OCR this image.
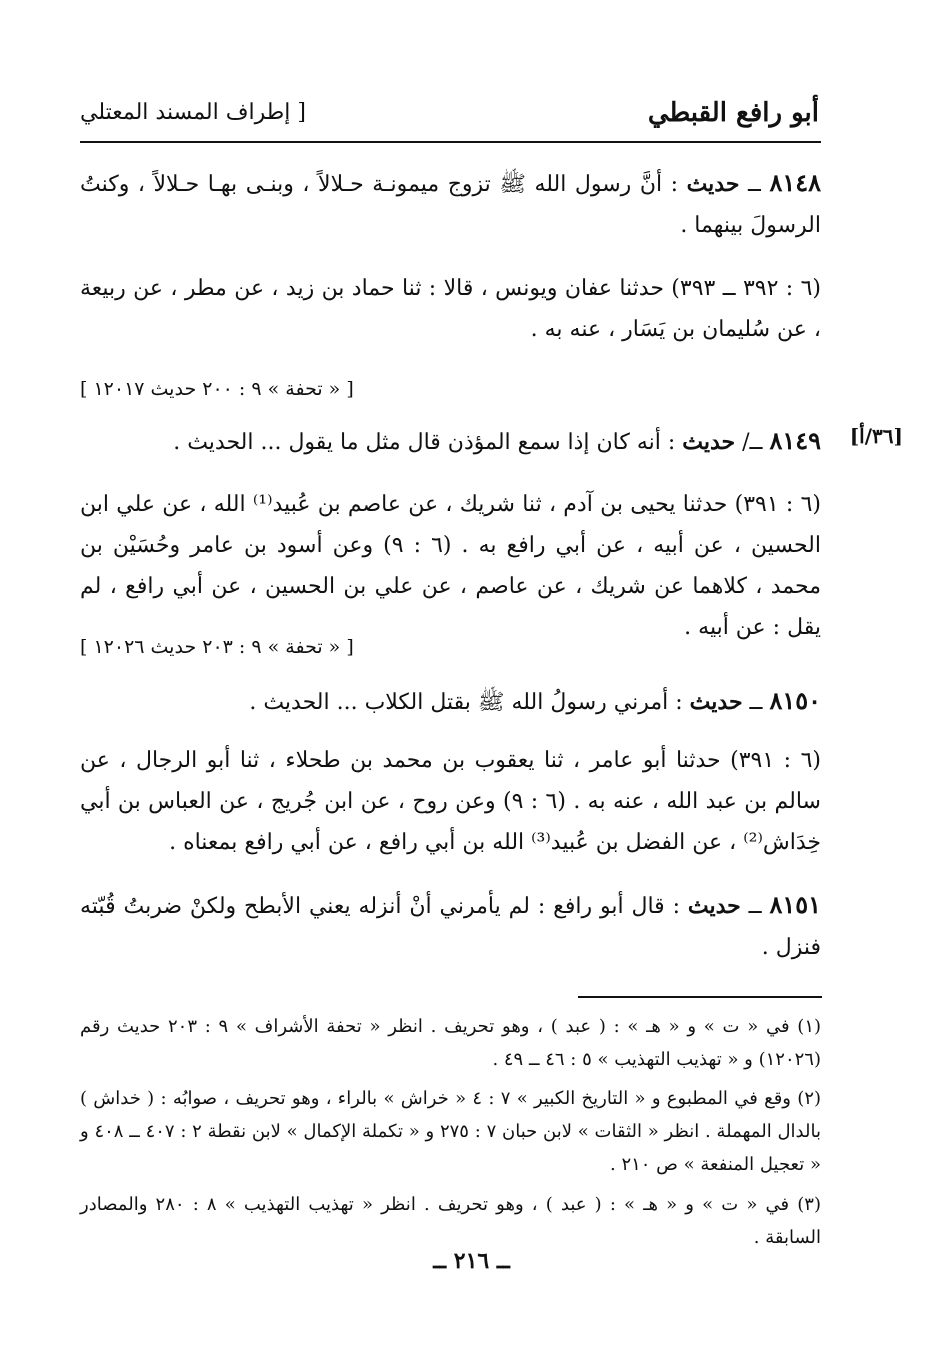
أبو رافع القبطي
[ إطراف المسند المعتلي
٨١٤٨ ــ حديث : أنَّ رسول الله ﷺ تزوج ميمونـة حـلالاً ، وبنـى بهـا حـلالاً ، وكنتُ الرسولَ بينهما .
(٦ : ٣٩٢ ــ ٣٩٣) حدثنا عفان ويونس ، قالا : ثنا حماد بن زيد ، عن مطر ، عن ربيعة ، عن سُليمان بن يَسَار ، عنه به .
[ « تحفة » ٩ : ٢٠٠ حديث ١٢٠١٧ ]
[٣٦/أ]
٨١٤٩ ــ/ حديث : أنه كان إذا سمع المؤذن قال مثل ما يقول ... الحديث .
(٦ : ٣٩١) حدثنا يحيى بن آدم ، ثنا شريك ، عن عاصم بن عُبيد⁽¹⁾ الله ، عن علي ابن الحسين ، عن أبيه ، عن أبي رافع به . (٦ : ٩) وعن أسود بن عامر وحُسَيْن بن محمد ، كلاهما عن شريك ، عن عاصم ، عن علي بن الحسين ، عن أبي رافع ، لم يقل : عن أبيه .
[ « تحفة » ٩ : ٢٠٣ حديث ١٢٠٢٦ ]
٨١٥٠ ــ حديث : أمرني رسولُ الله ﷺ بقتل الكلاب ... الحديث .
(٦ : ٣٩١) حدثنا أبو عامر ، ثنا يعقوب بن محمد بن طحلاء ، ثنا أبو الرجال ، عن سالم بن عبد الله ، عنه به . (٦ : ٩) وعن روح ، عن ابن جُريج ، عن العباس بن أبي خِدَاش⁽²⁾ ، عن الفضل بن عُبيد⁽³⁾ الله بن أبي رافع ، عن أبي رافع بمعناه .
٨١٥١ ــ حديث : قال أبو رافع : لم يأمرني أنْ أنزله يعني الأبطح ولكنْ ضربتُ قُبّته فنزل .
(١) في « ت » و « هـ » : ( عبد ) ، وهو تحريف . انظر « تحفة الأشراف » ٩ : ٢٠٣ حديث رقم (١٢٠٢٦) و « تهذيب التهذيب » ٥ : ٤٦ ــ ٤٩ .
(٢) وقع في المطبوع و « التاريخ الكبير » ٧ : ٤ « خراش » بالراء ، وهو تحريف ، صوابُه : ( خداش ) بالدال المهملة . انظر « الثقات » لابن حبان ٧ : ٢٧٥ و « تكملة الإكمال » لابن نقطة ٢ : ٤٠٧ ــ ٤٠٨ و « تعجيل المنفعة » ص ٢١٠ .
(٣) في « ت » و « هـ » : ( عبد ) ، وهو تحريف . انظر « تهذيب التهذيب » ٨ : ٢٨٠ والمصادر السابقة .
ــ ٢١٦ ــ
